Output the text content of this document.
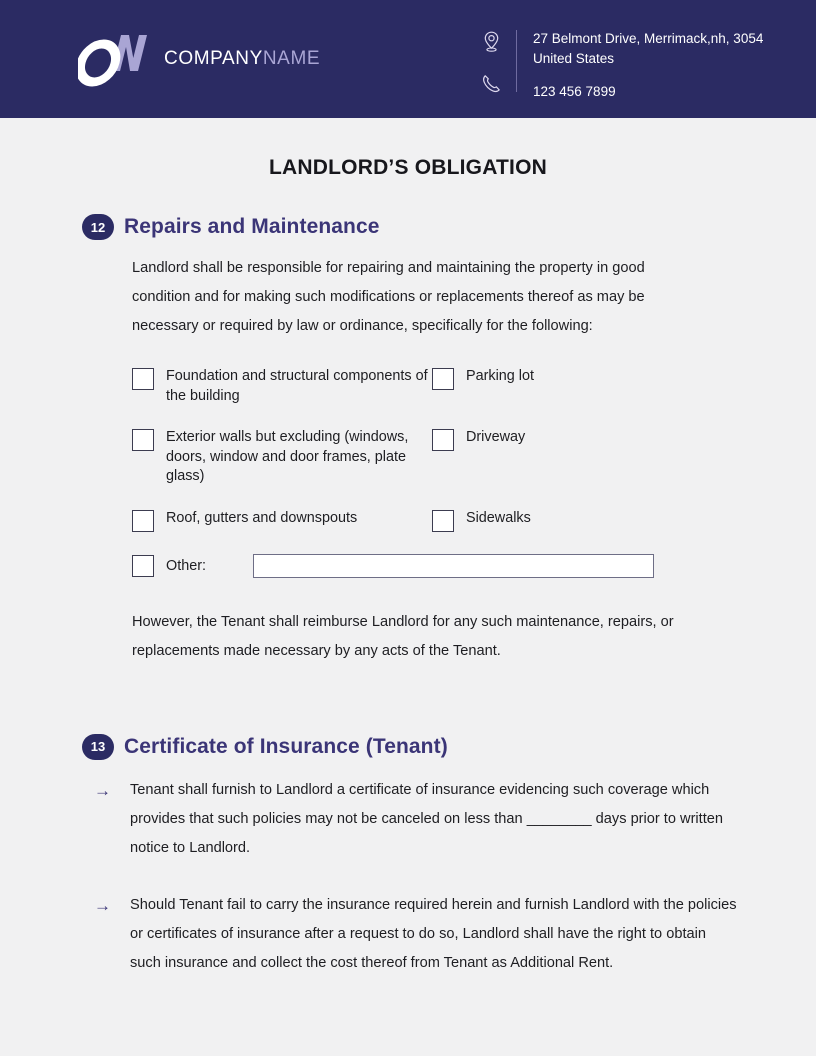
COMPANYNAME

27 Belmont Drive, Merrimack,nh, 3054 United States

123 456 7899

LANDLORD’S OBLIGATION
12 Repairs and Maintenance

Landlord shall be responsible for repairing and maintaining the property in good condition and for making such modifications or replacements thereof as may be necessary or required by law or ordinance, specifically for the following:

Foundation and structural components of the building
Parking lot
Exterior walls but excluding (windows, doors, window and door frames, plate glass)
Driveway
Roof, gutters and downspouts	Sidewalks
Other:

However, the Tenant shall reimburse Landlord for any such maintenance, repairs, or replacements made necessary by any acts of the Tenant.

13 Certificate of Insurance (Tenant)
→	Tenant shall furnish to Landlord a certificate of insurance evidencing such coverage which provides that such policies may not be canceled on less than ________ days prior to written notice to Landlord.
→	Should Tenant fail to carry the insurance required herein and furnish Landlord with the policies or certificates of insurance after a request to do so, Landlord shall have the right to obtain such insurance and collect the cost thereof from Tenant as Additional Rent.
